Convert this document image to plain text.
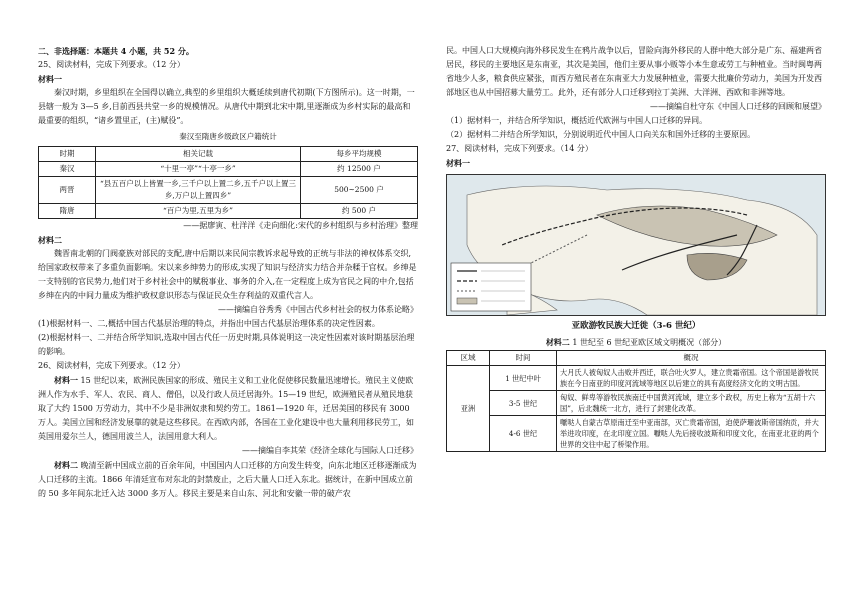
二、非选择题：本题共 4 小题，共 52 分。

25、阅读材料，完成下列要求。（12 分）

材料一

秦汉时期，乡里组织在全国得以确立,典型的乡里组织大概延续到唐代初期(下方图所示)。这一时期，一县辖一般为 3—5 乡,目前西县共堂一乡的规模情况。从唐代中期到北宋中期,里逐渐成为乡村实际的最高和最重要的组织，“诸乡置里正，(主)赋役”。

秦汉至隋唐乡级政区户籍统计

时期	相关记载	每乡平均规模
秦汉	“十里一亭”“十亭一乡”	约 12500 户
两晋	“县五百户以上皆置一乡,三千户以上置二乡,五千户以上置三乡,万户以上置四乡”	500~2500 户
隋唐	“百户为里,五里为乡”	约 500 户

——据廖寅、杜洋洋《走向细化:宋代的乡村组织与乡村治理》整理

材料二

魏晋南北朝的门阀豪族对部民的支配,唐中后期以来民间宗教诉求起导致的正统与非法的神权体系交织,给国家政权带来了多重负面影响。宋以来乡绅势力的形成,实现了知识与经济实力结合并杂糅于官权。乡绅是一支特别的官民势力,他们对于乡村社会中的赋税事业、事务的介入,在一定程度上成为官民之间的中介,包括乡绅在内的中间力量成为维护政权意识形态与保证民众生存利益的双重代言人。

——摘编自谷秀秀《中国古代乡村社会的权力体系论略》

(1)根据材料一、二,概括中国古代基层治理的特点，并指出中国古代基层治理体系的决定性因素。

(2)根据材料一、二并结合所学知识,选取中国古代任一历史时期,具体说明这一决定性因素对该时期基层治理的影响。

26、阅读材料，完成下列要求。（12 分）

材料一 15 世纪以来，欧洲民族国家的形成、殖民主义和工业化促使移民数量迅速增长。殖民主义使欧洲人作为水手、军人、农民、商人、僧侣，以及行政人员迁居海外。15—19 世纪，欧洲殖民者从殖民地获取了大约 1500 万劳动力，其中不少是非洲奴隶和契约劳工。1861—1920 年，迁居美国的移民有 3000 万人。美国立国和经济发展靠的就是这些移民。在西欧内部，各国在工业化建设中也大量利用移民劳工，如英国用爱尔兰人，德国用波兰人，法国用意大利人。

——摘编自李其荣《经济全球化与国际人口迁移》

材料二 晚清至新中国成立前的百余年间，中国国内人口迁移的方向发生转变，向东北地区迁移逐渐成为人口迁移的主流。1866 年清廷宣布对东北的封禁废止，之后大量人口迁入东北。据统计，在新中国成立前的 50 多年间东北迁入达 3000 多万人。移民主要是来自山东、河北和安徽一带的破产农

民。中国人口大规模向海外移民发生在鸦片战争以后，冒险向海外移民的人群中绝大部分是广东、福建两省居民，移民的主要地区是东南亚，其次是美国，他们主要从事小贩等小本生意或劳工与种植业。当时闽粤两省地少人多，粮食供应紧张，而西方殖民者在东南亚大力发展种植业，需要大批廉价劳动力，美国为开发西部地区也从中国招募大量劳工。此外，还有部分人口迁移到拉丁美洲、大洋洲、西欧和非洲等地。

——摘编自杜守东《中国人口迁移的回顾和展望》

（1）据材料一，并结合所学知识，概括近代欧洲与中国人口迁移的异同。

（2）据材料二并结合所学知识，分别说明近代中国人口向关东和国外迁移的主要原因。

27、阅读材料，完成下列要求。（14 分）

材料一

亚欧游牧民族大迁徙（3-6 世纪）

材料二 1 世纪至 6 世纪亚欧区域文明概况（部分）

区域	时间	概况
亚洲	1 世纪中叶	大月氏人被匈奴人击败并西迁，联合吐火罗人，建立贵霜帝国。这个帝国是游牧民族在今日南亚的印度河流域等地区以后建立的具有高度经济文化的文明古国。
	3-5 世纪	匈奴、鲜卑等游牧民族南迁中国黄河流域，建立多个政权，历史上称为“五胡十六国”，后北魏统一北方，进行了封建化改革。
	4-6 世纪	嚈哒人自蒙古草原南迁至中亚南部，灭亡贵霜帝国，迫使萨珊波斯帝国纳贡，并大举进攻印度，在北印度立国。嚈哒人先后接收波斯和印度文化，在南亚北亚的两个世界的交往中起了桥梁作用。
